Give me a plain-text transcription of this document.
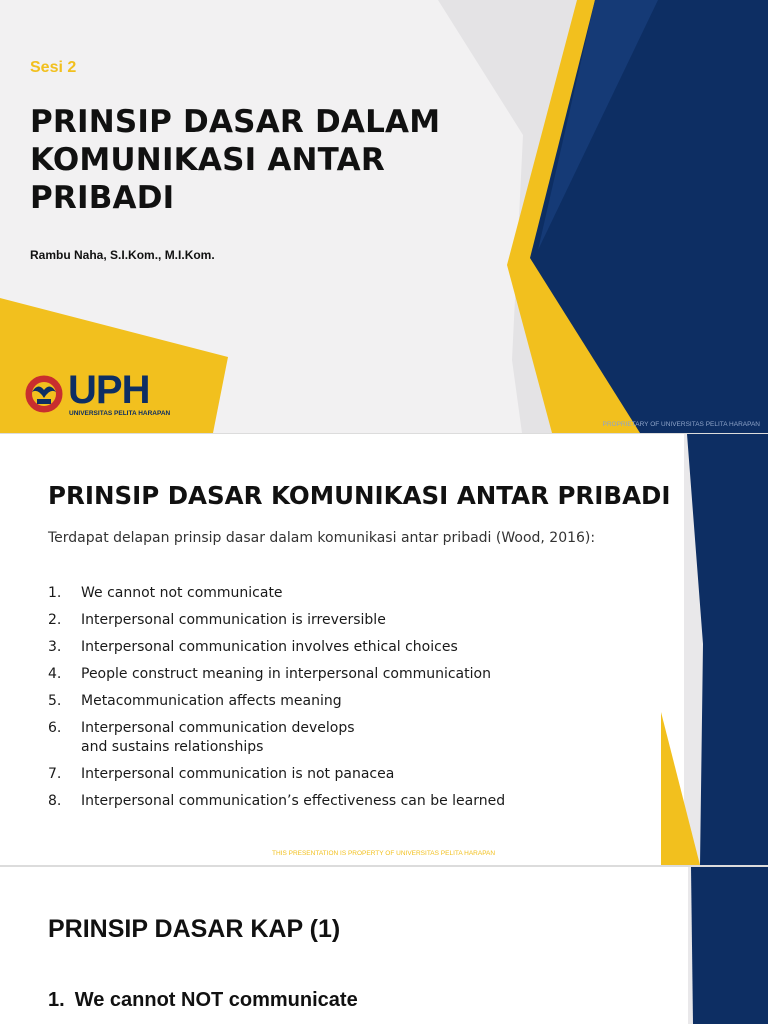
Sesi 2

PRINSIP DASAR DALAM
KOMUNIKASI ANTAR PRIBADI

Rambu Naha, S.I.Kom., M.I.Kom.

UPH
UNIVERSITAS PELITA HARAPAN

PROPRIETARY OF UNIVERSITAS PELITA HARAPAN

PRINSIP DASAR KOMUNIKASI ANTAR PRIBADI

Terdapat delapan prinsip dasar dalam komunikasi antar pribadi (Wood, 2016):

1.	We cannot not communicate
2.	Interpersonal communication is irreversible
3.	Interpersonal communication involves ethical choices
4.	People construct meaning in interpersonal communication
5.	Metacommunication affects meaning
6.	Interpersonal communication develops
and sustains relationships
7.	Interpersonal communication is not panacea
8.	Interpersonal communication’s effectiveness can be learned

THIS PRESENTATION IS PROPERTY OF UNIVERSITAS PELITA HARAPAN

PRINSIP DASAR KAP (1)

1. We cannot NOT communicate
